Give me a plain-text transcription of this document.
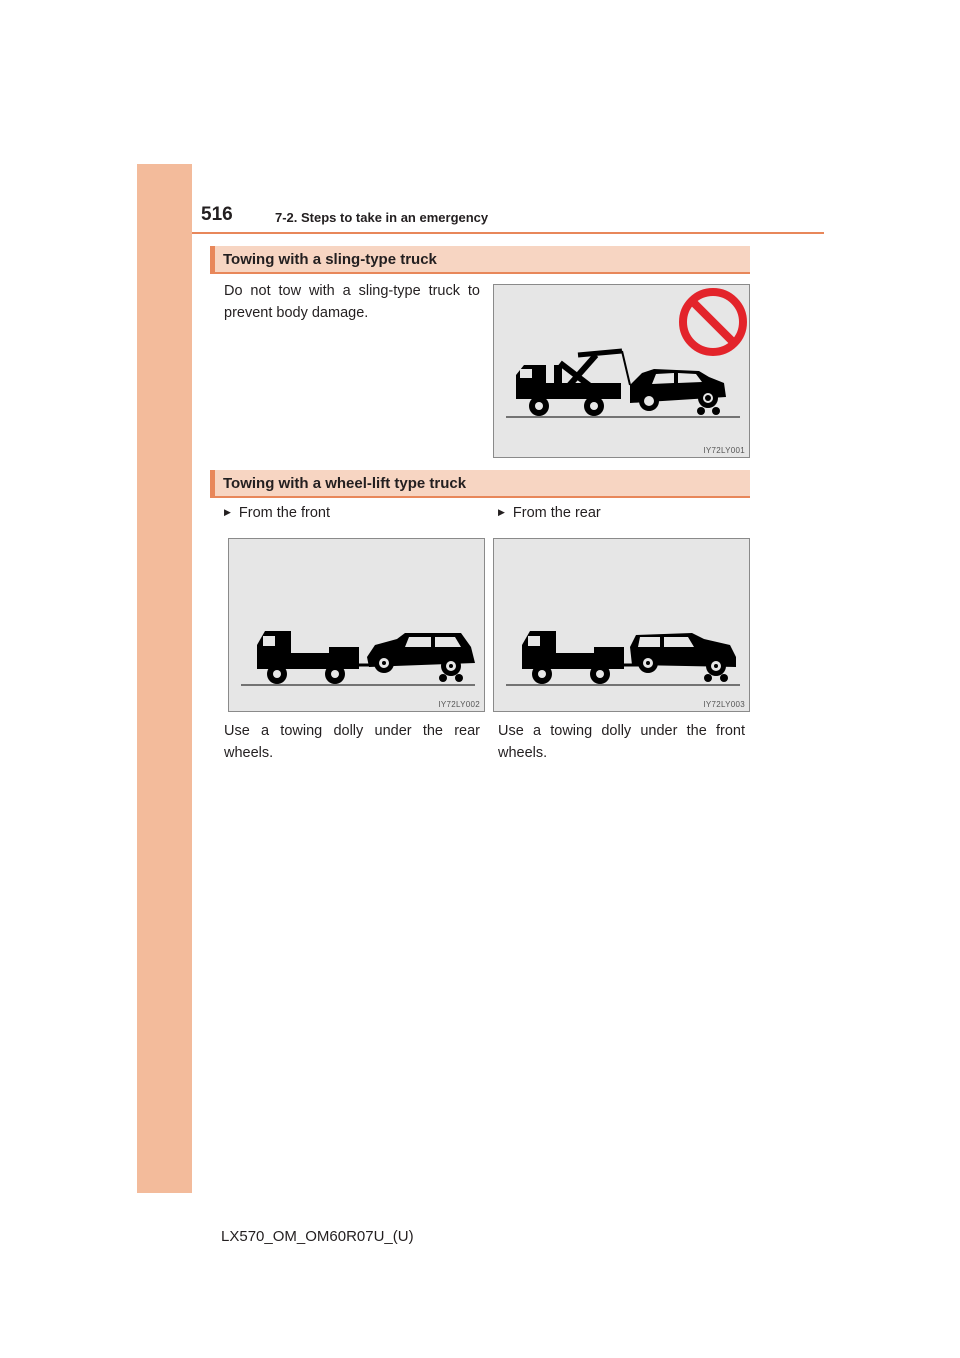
516	7-2. Steps to take in an emergency
Towing with a sling-type truck
Do not tow with a sling-type truck to prevent body damage.
IY72LY001
Towing with a wheel-lift type truck
▶ From the front	▶ From the rear
IY72LY002	IY72LY003
Use a towing dolly under the rear wheels.
Use a towing dolly under the front wheels.
LX570_OM_OM60R07U_(U)
